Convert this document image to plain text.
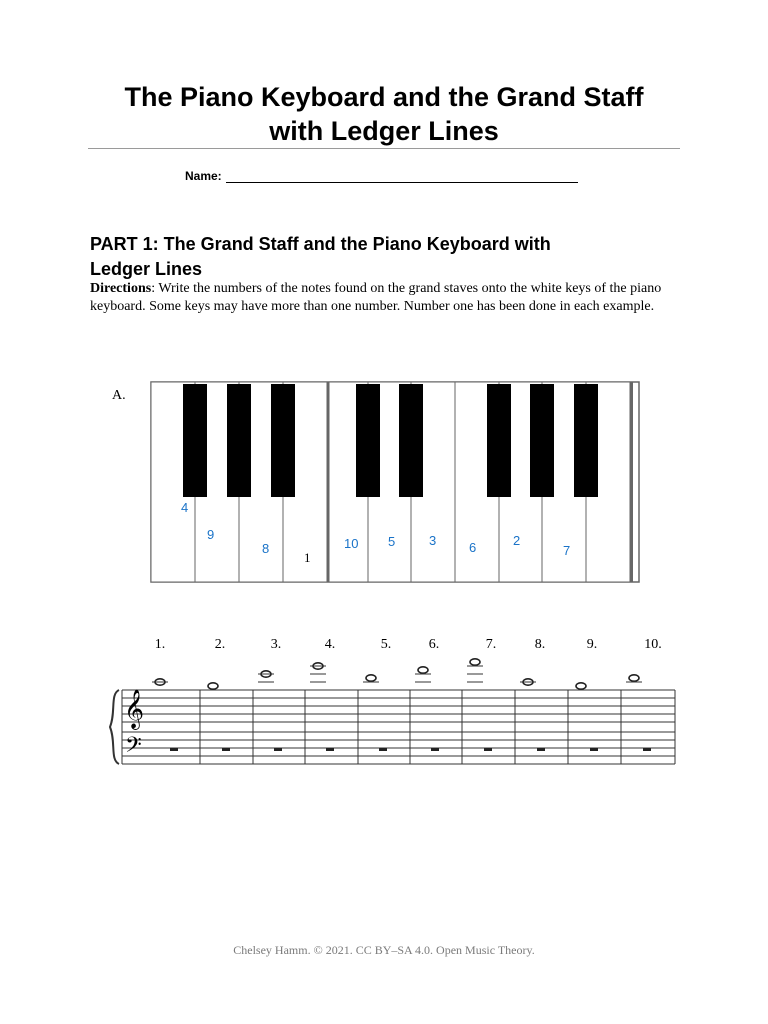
The Piano Keyboard and the Grand Staff
with Ledger Lines
Name:
PART 1: The Grand Staff and the Piano Keyboard with
Ledger Lines
Directions: Write the numbers of the notes found on the grand staves onto the white keys of the piano keyboard. Some keys may have more than one number. Number one has been done in each example.
A.
4
9
8
1
10 5	3	6	2
7
1.	2.	3.	4.	5.	6.	7.	8.	9.	10.
𝄞
𝄢
Chelsey Hamm. © 2021. CC BY–SA 4.0. Open Music Theory.
